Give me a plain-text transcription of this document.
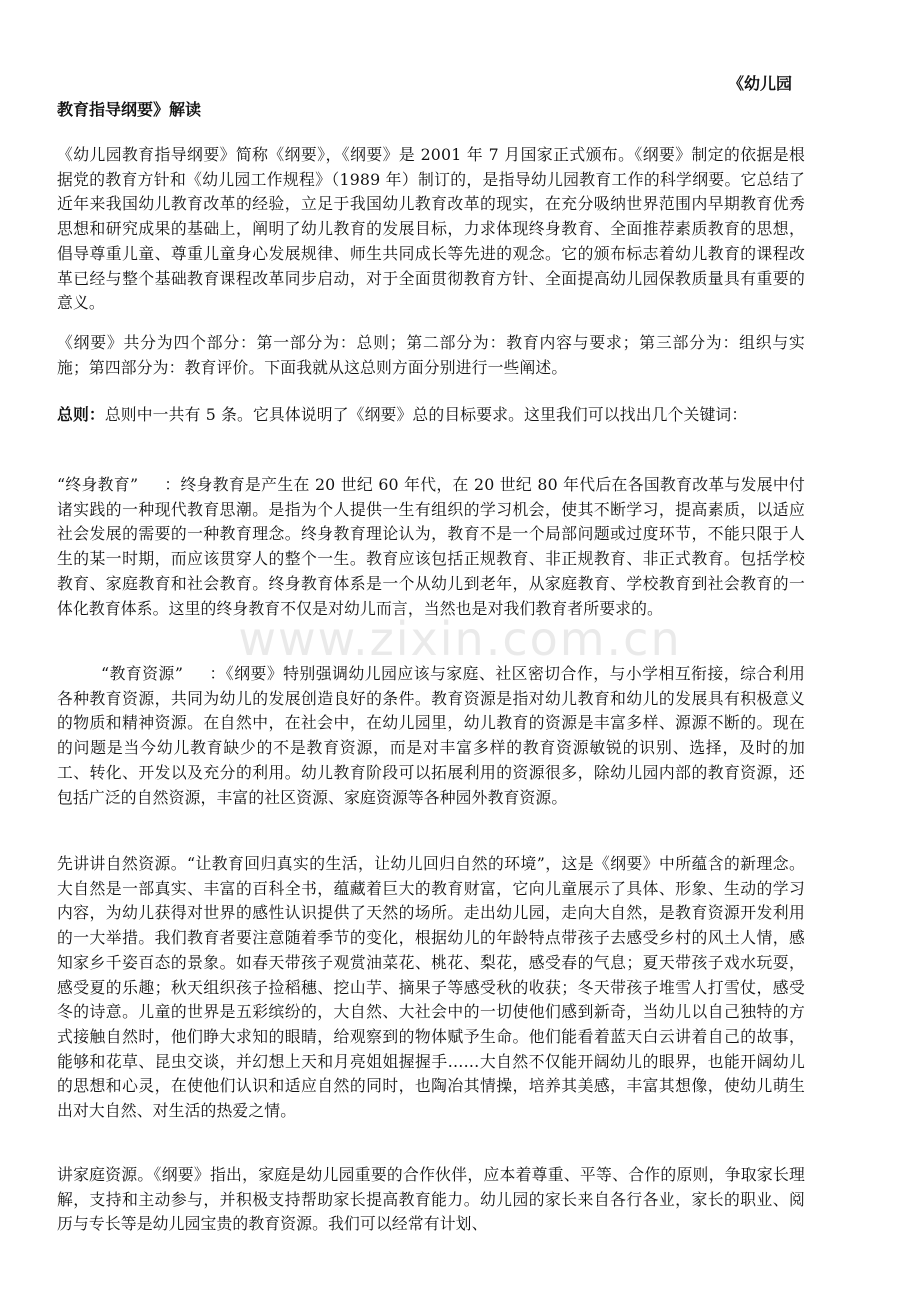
《幼儿园
教育指导纲要》解读
《幼儿园教育指导纲要》简称《纲要》，《纲要》是 2001 年 7 月国家正式颁布。《纲要》制定的依据是根据党的教育方针和《幼儿园工作规程》（1989 年）制订的，是指导幼儿园教育工作的科学纲要。它总结了近年来我国幼儿教育改革的经验，立足于我国幼儿教育改革的现实，在充分吸纳世界范围内早期教育优秀思想和研究成果的基础上，阐明了幼儿教育的发展目标，力求体现终身教育、全面推荐素质教育的思想，倡导尊重儿童、尊重儿童身心发展规律、师生共同成长等先进的观念。它的颁布标志着幼儿教育的课程改革已经与整个基础教育课程改革同步启动，对于全面贯彻教育方针、全面提高幼儿园保教质量具有重要的意义。
《纲要》共分为四个部分：第一部分为：总则；第二部分为：教育内容与要求；第三部分为：组织与实施；第四部分为：教育评价。下面我就从这总则方面分别进行一些阐述。
总则：总则中一共有 5 条。它具体说明了《纲要》总的目标要求。这里我们可以找出几个关键词：
“终身教育” ：终身教育是产生在 20 世纪 60 年代，在 20 世纪 80 年代后在各国教育改革与发展中付诸实践的一种现代教育思潮。是指为个人提供一生有组织的学习机会，使其不断学习，提高素质，以适应社会发展的需要的一种教育理念。终身教育理论认为，教育不是一个局部问题或过度环节，不能只限于人生的某一时期，而应该贯穿人的整个一生。教育应该包括正规教育、非正规教育、非正式教育。包括学校教育、家庭教育和社会教育。终身教育体系是一个从幼儿到老年，从家庭教育、学校教育到社会教育的一体化教育体系。这里的终身教育不仅是对幼儿而言，当然也是对我们教育者所要求的。
“教育资源” ：《纲要》特别强调幼儿园应该与家庭、社区密切合作，与小学相互衔接，综合利用各种教育资源，共同为幼儿的发展创造良好的条件。教育资源是指对幼儿教育和幼儿的发展具有积极意义的物质和精神资源。在自然中，在社会中，在幼儿园里，幼儿教育的资源是丰富多样、源源不断的。现在的问题是当今幼儿教育缺少的不是教育资源，而是对丰富多样的教育资源敏锐的识别、选择，及时的加工、转化、开发以及充分的利用。幼儿教育阶段可以拓展利用的资源很多，除幼儿园内部的教育资源，还包括广泛的自然资源，丰富的社区资源、家庭资源等各种园外教育资源。
先讲讲自然资源。“让教育回归真实的生活，让幼儿回归自然的环境”，这是《纲要》中所蕴含的新理念。大自然是一部真实、丰富的百科全书，蕴藏着巨大的教育财富，它向儿童展示了具体、形象、生动的学习内容，为幼儿获得对世界的感性认识提供了天然的场所。走出幼儿园，走向大自然，是教育资源开发利用的一大举措。我们教育者要注意随着季节的变化，根据幼儿的年龄特点带孩子去感受乡村的风土人情，感知家乡千姿百态的景象。如春天带孩子观赏油菜花、桃花、梨花，感受春的气息；夏天带孩子戏水玩耍，感受夏的乐趣；秋天组织孩子捡稻穗、挖山芋、摘果子等感受秋的收获；冬天带孩子堆雪人打雪仗，感受冬的诗意。儿童的世界是五彩缤纷的，大自然、大社会中的一切使他们感到新奇，当幼儿以自己独特的方式接触自然时，他们睁大求知的眼睛，给观察到的物体赋予生命。他们能看着蓝天白云讲着自己的故事，能够和花草、昆虫交谈，并幻想上天和月亮姐姐握握手……大自然不仅能开阔幼儿的眼界，也能开阔幼儿的思想和心灵，在使他们认识和适应自然的同时，也陶冶其情操，培养其美感，丰富其想像，使幼儿萌生出对大自然、对生活的热爱之情。
讲家庭资源。《纲要》指出，家庭是幼儿园重要的合作伙伴，应本着尊重、平等、合作的原则，争取家长理解，支持和主动参与，并积极支持帮助家长提高教育能力。幼儿园的家长来自各行各业，家长的职业、阅历与专长等是幼儿园宝贵的教育资源。我们可以经常有计划、
www.zixin.com.cn
